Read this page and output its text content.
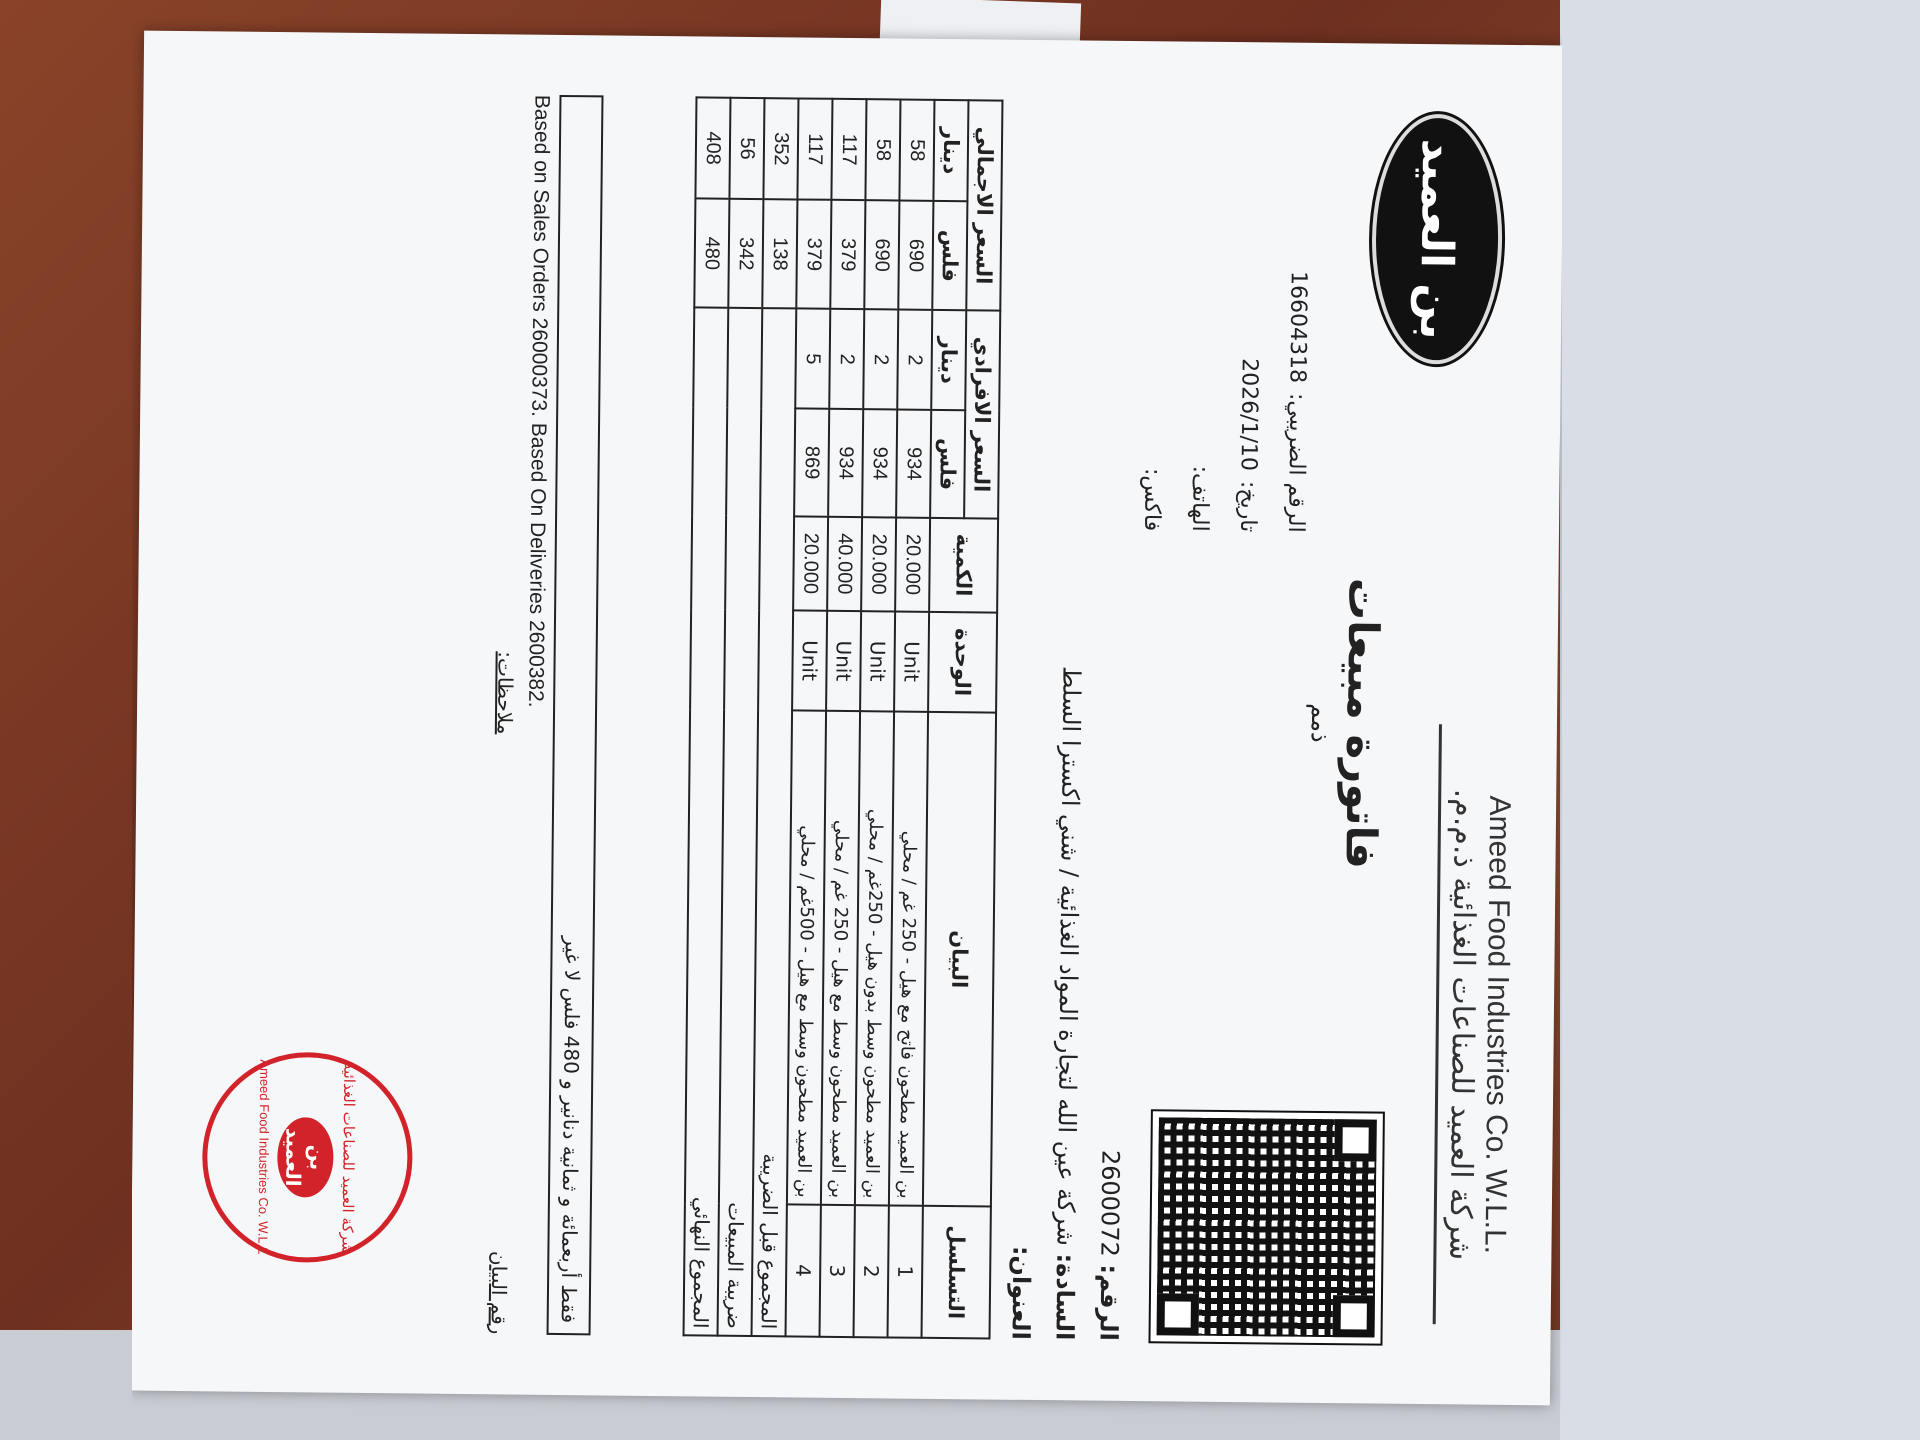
Ameed Food Industries Co. W.L.L.
شركة العميد للصناعات الغذائية ذ.م.م.
بن العميد
فاتورة مبيعات
ذمم
الرقم الضريبي:
16604318
تاريخ:
2026/1/10
الهاتف:
فاكس:
الرقم: 2600072
السادة: شركة عين الله لتجارة المواد الغذائية / شني اكسترا السلط
العنوان:
التسلسل	البيان	الوحدة	الكمية	السعر الافرادي		السعر الاجمالي	
				فلس	دينار	فلس	دينار
1	بن العميد مطحون فاتح مع هيل - 250 غم / محلي	Unit	20.000	934	2	690	58
2	بن العميد مطحون وسط بدون هيل - 250غم / محلي	Unit	20.000	934	2	690	58
3	بن العميد مطحون وسط مع هيل - 250 غم / محلي	Unit	40.000	934	2	379	117
4	بن العميد مطحون وسط مع هيل - 500غم / محلي	Unit	20.000	869	5	379	117
المجموع قبل الضريبة						138	352
ضريبة المبيعات						342	56
المجموع النهائي						480	408
فقط أربعمائة و ثمانية دنانير و 480 فلس لا غير
ملاحظات:
رقم البيان
Based on Sales Orders 26000373. Based On Deliveries 2600382.
شركة العميد للصناعات الغذائية
بن العميد
Ameed Food Industries Co. W.L.L
